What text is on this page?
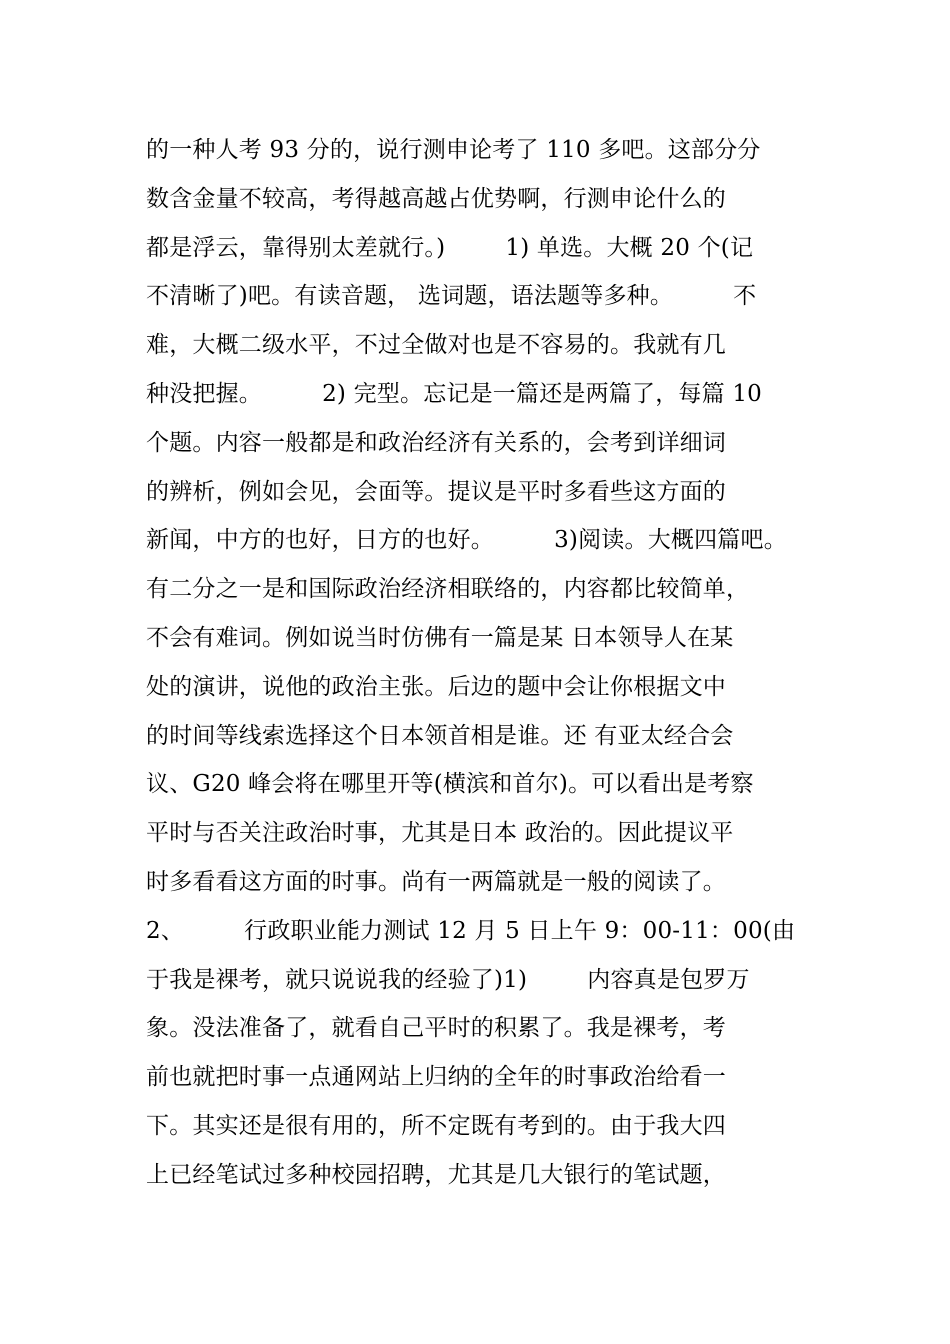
的一种人考 93 分的，说行测申论考了 110 多吧。这部分分
数含金量不较高，考得越高越占优势啊，行测申论什么的
都是浮云，靠得别太差就行。)        1) 单选。大概 20 个(记
不清晰了)吧。有读音题， 选词题，语法题等多种。        不
难，大概二级水平，不过全做对也是不容易的。我就有几
种没把握。        2) 完型。忘记是一篇还是两篇了，每篇 10
个题。内容一般都是和政治经济有关系的，会考到详细词
的辨析，例如会见，会面等。提议是平时多看些这方面的
新闻，中方的也好，日方的也好。        3)阅读。大概四篇吧。
有二分之一是和国际政治经济相联络的，内容都比较简单，
不会有难词。例如说当时仿佛有一篇是某 日本领导人在某
处的演讲，说他的政治主张。后边的题中会让你根据文中
的时间等线索选择这个日本领首相是谁。还 有亚太经合会
议、G20 峰会将在哪里开等(横滨和首尔)。可以看出是考察
平时与否关注政治时事，尤其是日本 政治的。因此提议平
时多看看这方面的时事。尚有一两篇就是一般的阅读了。
2、        行政职业能力测试 12 月 5 日上午 9：00-11：00(由
于我是裸考，就只说说我的经验了)1)        内容真是包罗万
象。没法准备了，就看自己平时的积累了。我是裸考，考
前也就把时事一点通网站上归纳的全年的时事政治给看一
下。其实还是很有用的，所不定既有考到的。由于我大四
上已经笔试过多种校园招聘，尤其是几大银行的笔试题，
